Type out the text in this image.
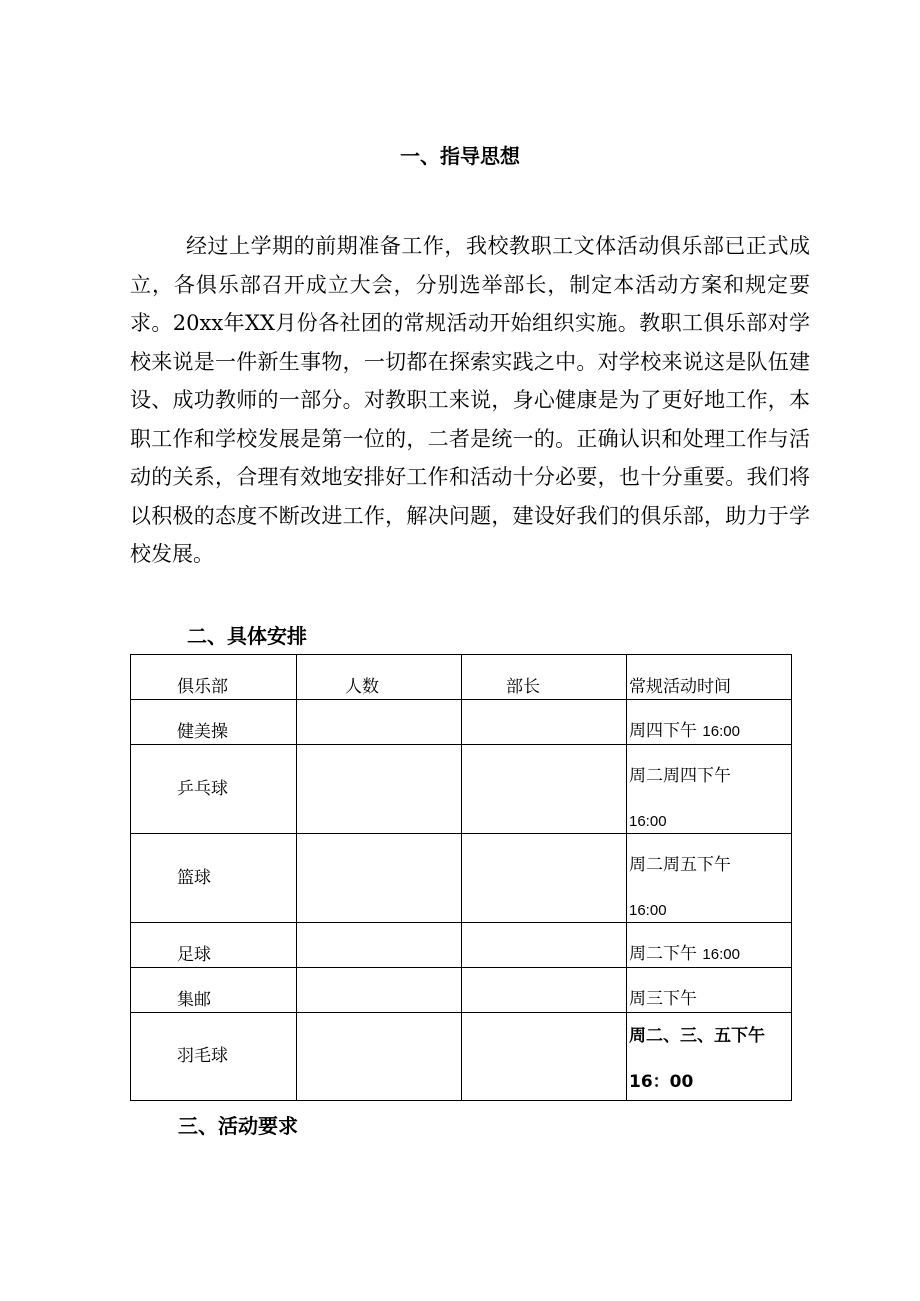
一、指导思想

经过上学期的前期准备工作，我校教职工文体活动俱乐部已正式成立，各俱乐部召开成立大会，分别选举部长，制定本活动方案和规定要求。20xx年XX月份各社团的常规活动开始组织实施。教职工俱乐部对学校来说是一件新生事物，一切都在探索实践之中。对学校来说这是队伍建设、成功教师的一部分。对教职工来说，身心健康是为了更好地工作，本职工作和学校发展是第一位的，二者是统一的。正确认识和处理工作与活动的关系，合理有效地安排好工作和活动十分必要，也十分重要。我们将以积极的态度不断改进工作，解决问题，建设好我们的俱乐部，助力于学校发展。

二、具体安排
俱乐部	人数	部长	常规活动时间

健美操			周四下午 16:00

乒乓球			周二周四下午
16:00

篮球			周二周五下午
16:00

足球			周二下午 16:00

集邮			周三下午

羽毛球			周二、三、五下午
16：00
三、活动要求
